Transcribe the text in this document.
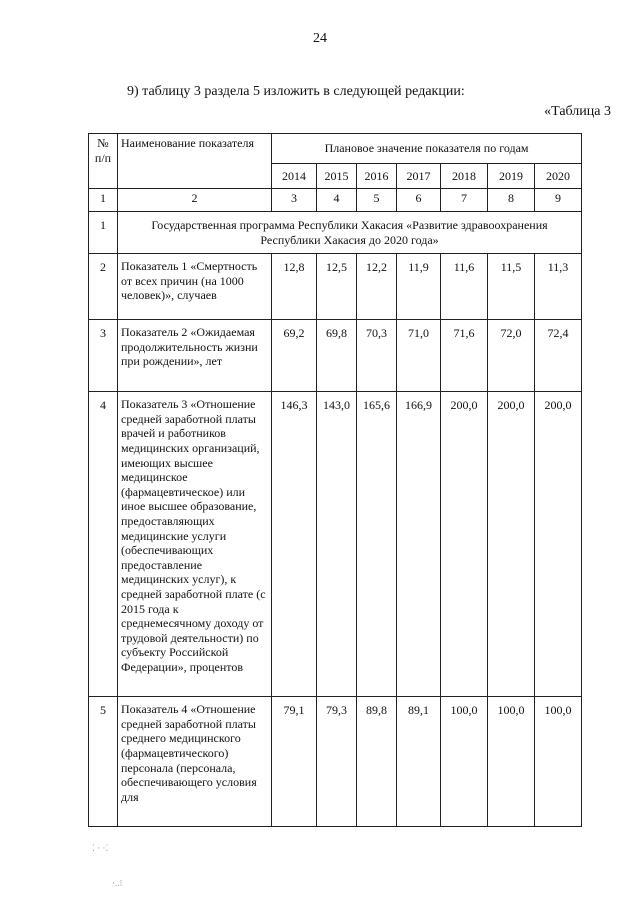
24
9) таблицу 3 раздела 5 изложить в следующей редакции:
«Таблица 3
№
п/п	Наименование показателя	Плановое значение показателя по годам						
		2014	2015	2016	2017	2018	2019	2020
1	2	3	4	5	6	7	8	9
1	Государственная программа Республики Хакасия «Развитие здравоохранения Республики Хакасия до 2020 года»							
2	Показатель 1 «Смертность от всех причин (на 1000 человек)», случаев	12,8	12,5	12,2	11,9	11,6	11,5	11,3
3	Показатель 2 «Ожидаемая продолжительность жизни при рождении», лет	69,2	69,8	70,3	71,0	71,6	72,0	72,4
4	Показатель 3 «Отношение средней заработной платы врачей и работников медицинских организаций, имеющих высшее медицинское (фармацевтическое) или иное высшее образование, предоставляющих медицинские услуги (обеспечивающих предоставление медицинских услуг), к средней заработной плате (с 2015 года к среднемесячному доходу от трудовой деятельности) по субъекту Российской Федерации», процентов	146,3	143,0	165,6	166,9	200,0	200,0	200,0
5	Показатель 4 «Отношение средней заработной платы среднего медицинского (фармацевтического) персонала (персонала, обеспечивающего условия для	79,1	79,3	89,8	89,1	100,0	100,0	100,0
⁚ · ·⁚
·..⁝
